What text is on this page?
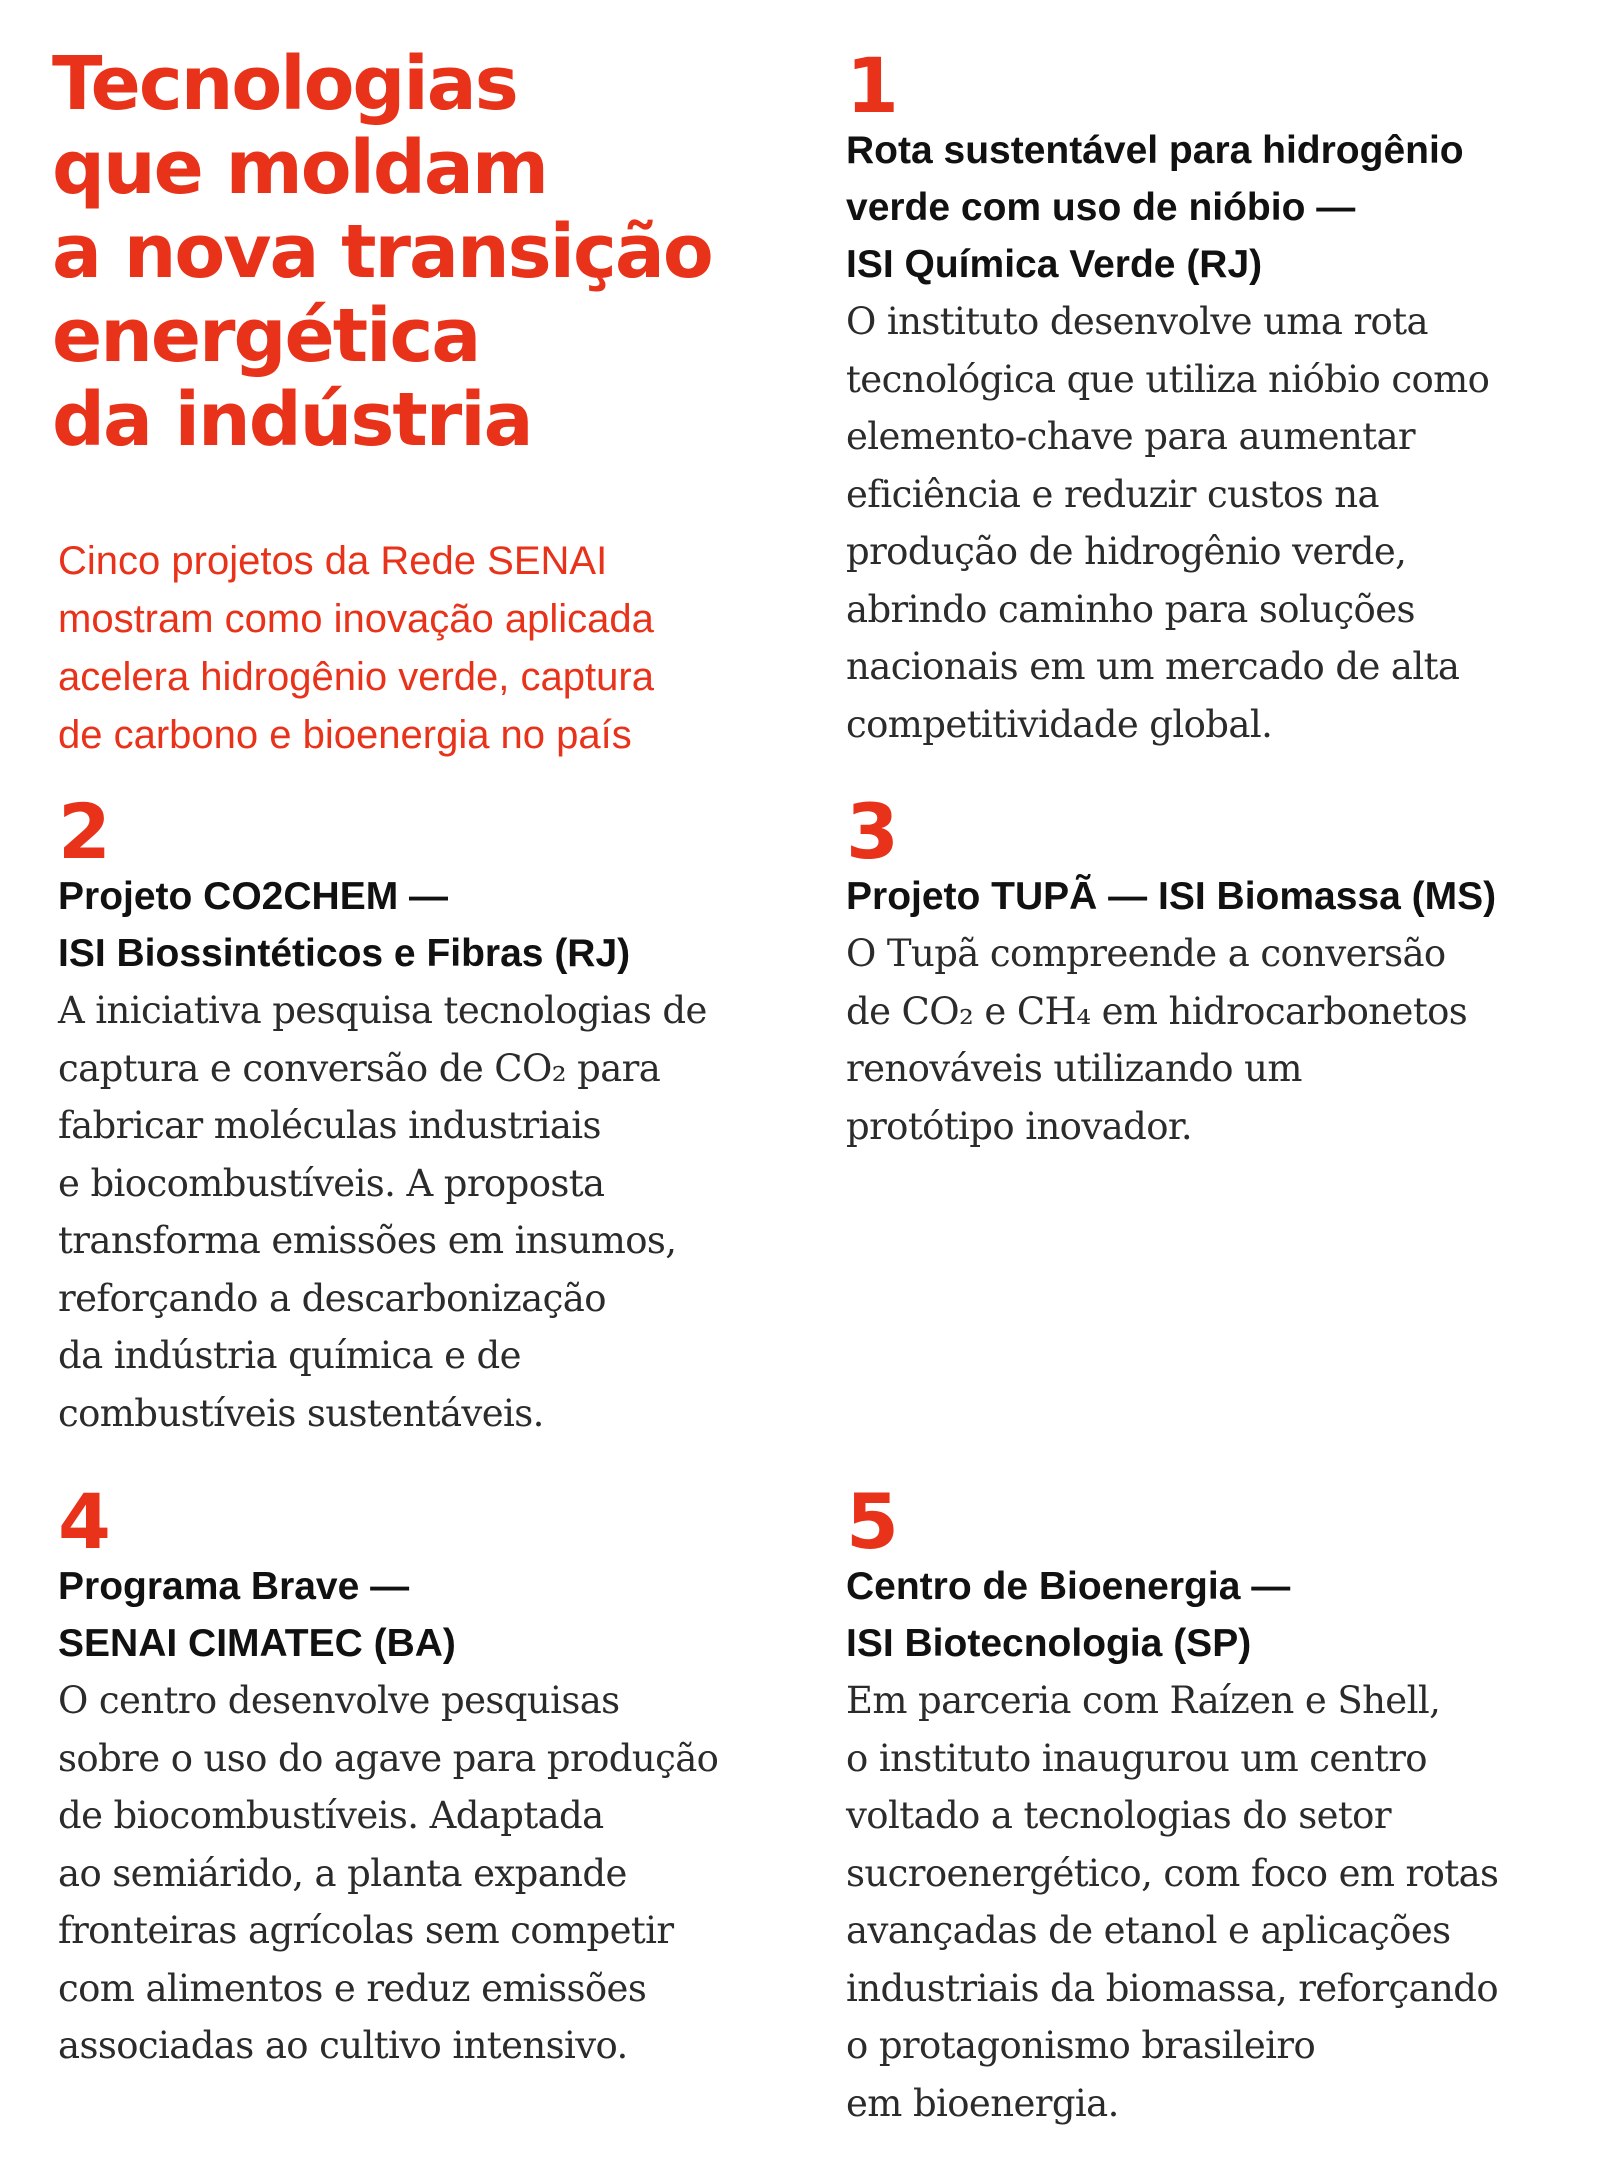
Tecnologias
que moldam
a nova transição
energética
da indústria

Cinco projetos da Rede SENAI
mostram como inovação aplicada
acelera hidrogênio verde, captura
de carbono e bioenergia no país

1
Rota sustentável para hidrogênio
verde com uso de nióbio —
ISI Química Verde (RJ)
O instituto desenvolve uma rota
tecnológica que utiliza nióbio como
elemento-chave para aumentar
eficiência e reduzir custos na
produção de hidrogênio verde,
abrindo caminho para soluções
nacionais em um mercado de alta
competitividade global.
2
Projeto CO2CHEM —
ISI Biossintéticos e Fibras (RJ)
A iniciativa pesquisa tecnologias de
captura e conversão de CO₂ para
fabricar moléculas industriais
e biocombustíveis. A proposta
transforma emissões em insumos,
reforçando a descarbonização
da indústria química e de
combustíveis sustentáveis.
3
Projeto TUPÃ — ISI Biomassa (MS)
O Tupã compreende a conversão
de CO₂ e CH₄ em hidrocarbonetos
renováveis utilizando um
protótipo inovador.
4
Programa Brave —
SENAI CIMATEC (BA)
O centro desenvolve pesquisas
sobre o uso do agave para produção
de biocombustíveis. Adaptada
ao semiárido, a planta expande
fronteiras agrícolas sem competir
com alimentos e reduz emissões
associadas ao cultivo intensivo.
5
Centro de Bioenergia —
ISI Biotecnologia (SP)
Em parceria com Raízen e Shell,
o instituto inaugurou um centro
voltado a tecnologias do setor
sucroenergético, com foco em rotas
avançadas de etanol e aplicações
industriais da biomassa, reforçando
o protagonismo brasileiro
em bioenergia.
